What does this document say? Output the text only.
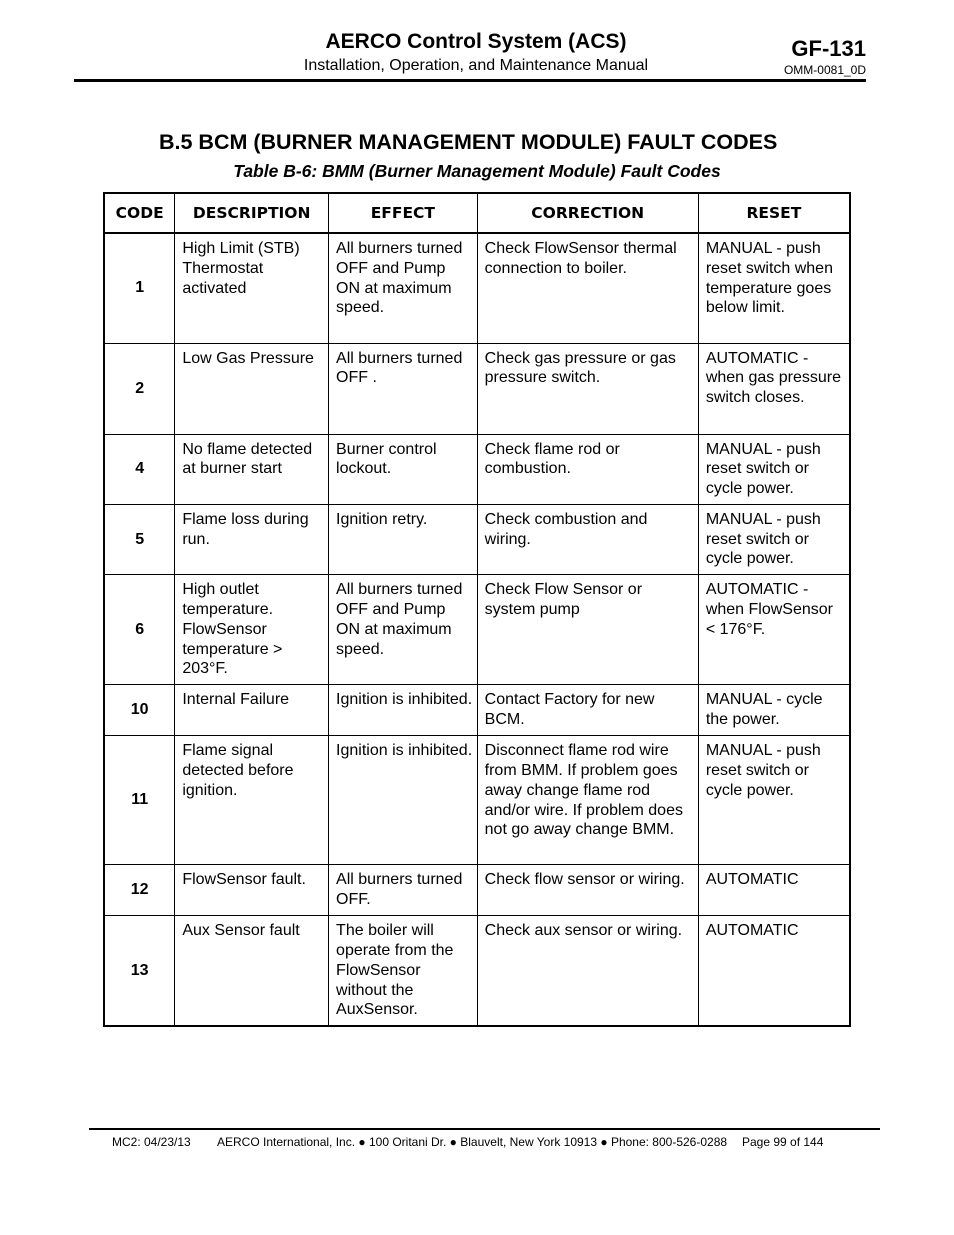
AERCO Control System (ACS)
Installation, Operation, and Maintenance Manual
GF-131
OMM-0081_0D
B.5 BCM (BURNER MANAGEMENT MODULE) FAULT CODES
Table B-6: BMM (Burner Management Module) Fault Codes
CODE	DESCRIPTION	EFFECT	CORRECTION	RESET
1	High Limit (STB) Thermostat activated	All burners turned OFF and Pump ON at maximum speed.	Check FlowSensor thermal connection to boiler.	MANUAL - push reset switch when temperature goes below limit.
2	Low Gas Pressure	All burners turned OFF .	Check gas pressure or gas pressure switch.	AUTOMATIC - when gas pressure switch closes.
4	No flame detected at burner start	Burner control lockout.	Check flame rod or combustion.	MANUAL - push reset switch or cycle power.
5	Flame loss during run.	Ignition retry.	Check combustion and wiring.	MANUAL - push reset switch or cycle power.
6	High outlet temperature. FlowSensor temperature > 203°F.	All burners turned OFF and Pump ON at maximum speed.	Check Flow Sensor or system pump	AUTOMATIC - when FlowSensor < 176°F.
10	Internal Failure	Ignition is inhibited.	Contact Factory for new BCM.	MANUAL - cycle the power.
11	Flame signal detected before ignition.	Ignition is inhibited.	Disconnect flame rod wire from BMM. If problem goes away change flame rod and/or wire. If problem does not go away change BMM.	MANUAL - push reset switch or cycle power.
12	FlowSensor fault.	All burners turned OFF.	Check flow sensor or wiring.	AUTOMATIC
13	Aux Sensor fault	The boiler will operate from the FlowSensor without the AuxSensor.	Check aux sensor or wiring.	AUTOMATIC
MC2: 04/23/13 AERCO International, Inc. ● 100 Oritani Dr. ● Blauvelt, New York 10913 ● Phone: 800-526-0288 Page 99 of 144
